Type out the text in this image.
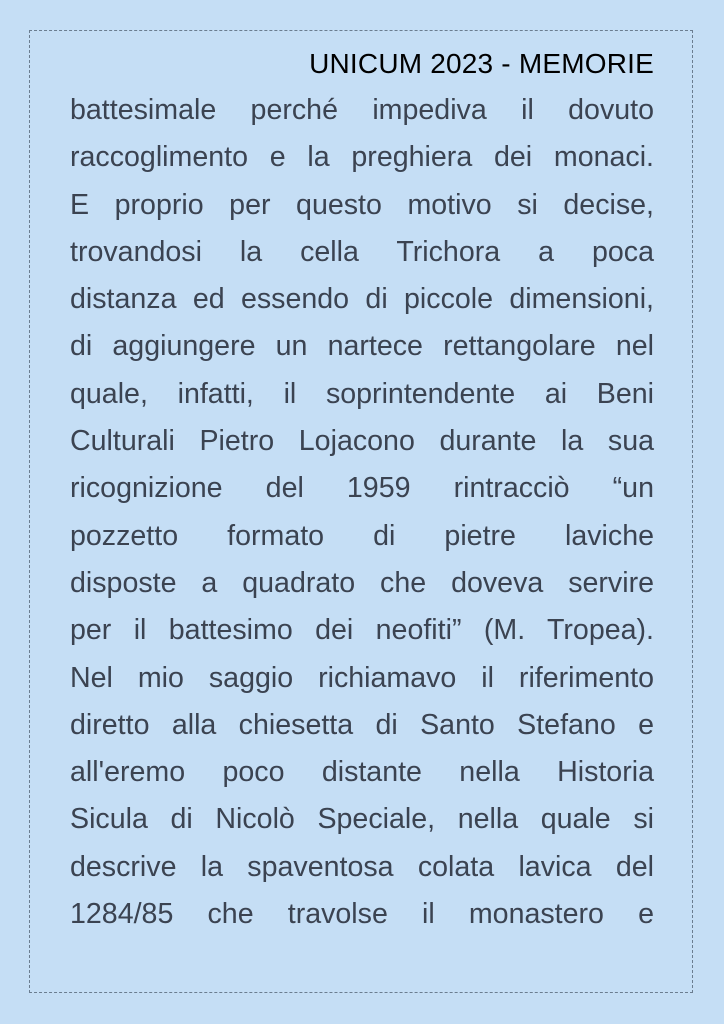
UNICUM 2023 - MEMORIE
battesimale perché impediva il dovuto
raccoglimento e la preghiera dei monaci.
E proprio per questo motivo si decise,
trovandosi la cella Trichora a poca
distanza ed essendo di piccole dimensioni,
di aggiungere un nartece rettangolare nel
quale, infatti, il soprintendente ai Beni
Culturali Pietro Lojacono durante la sua
ricognizione del 1959 rintracciò “un
pozzetto formato di pietre laviche
disposte a quadrato che doveva servire
per il battesimo dei neofiti” (M. Tropea).
Nel mio saggio richiamavo il riferimento
diretto alla chiesetta di Santo Stefano e
all'eremo poco distante nella Historia
Sicula di Nicolò Speciale, nella quale si
descrive la spaventosa colata lavica del
1284/85 che travolse il monastero e
